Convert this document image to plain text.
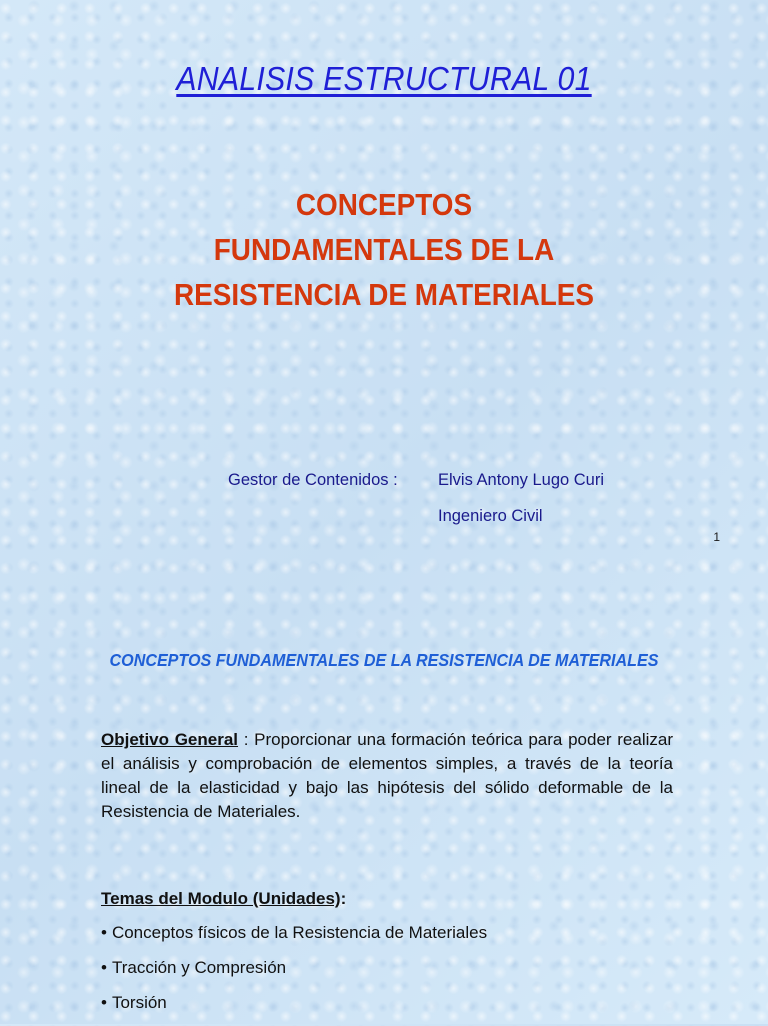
ANALISIS ESTRUCTURAL 01
CONCEPTOS
FUNDAMENTALES DE LA
RESISTENCIA DE MATERIALES
Gestor de Contenidos :	Elvis Antony Lugo Curi
Ingeniero Civil
1
CONCEPTOS FUNDAMENTALES DE LA RESISTENCIA DE MATERIALES

Objetivo General : Proporcionar una formación teórica para poder realizar el análisis y comprobación de elementos simples, a través de la teoría lineal de la elasticidad y bajo las hipótesis del sólido deformable de la Resistencia de Materiales.

Temas del Modulo (Unidades):

• Conceptos físicos de la Resistencia de Materiales
• Tracción y Compresión
• Torsión
